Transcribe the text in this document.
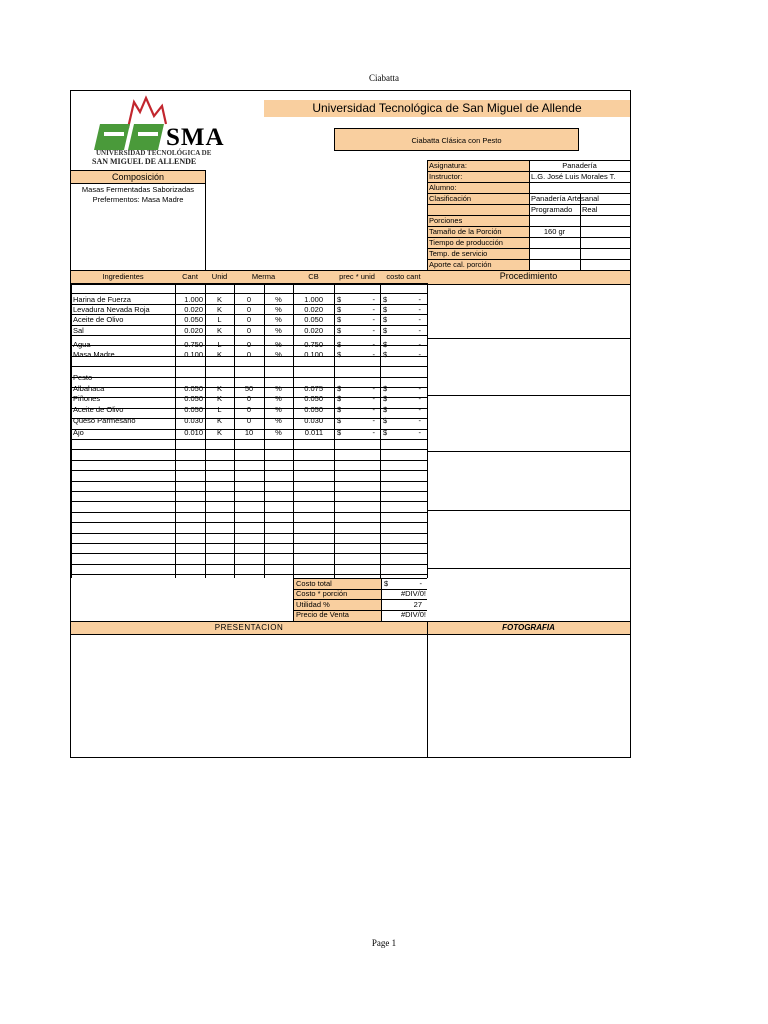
Ciabatta
SMA
UNIVERSIDAD TECNOLÓGICA DE
SAN MIGUEL DE ALLENDE
Universidad Tecnológica de San Miguel de Allende
Ciabatta Clásica con Pesto
Composición
Masas Fermentadas Saborizadas
Prefermentos: Masa Madre
Asignatura:	Panadería
Instructor:	L.G. José Luis Morales T.
Alumno:
Clasificación	Panadería Artesanal
Programado Real
Porciones
Tamaño de la Porción	160 gr
Tiempo de producción
Temp. de servicio
Aporte cal. porción
Ingredientes	Cant	Unid	Merma	CB	prec * unid	costo cant	Procedimiento
Harina de Fuerza	1.000	K	0	%	1.000 $	- $	-
Levadura Nevada Roja	0.020	K	0	%	0.020 $	- $	-
Aceite de Olivo	0.050	L	0	%	0.050 $	- $	-
Sal	0.020	K	0	%	0.020 $	- $	-
Agua	0.750	L	0	%	0.750 $	- $	-
Masa Madre	0.100	K	0	%	0.100 $	- $	-
Pesto
Albahaca	0.050	K	50	%	0.075 $	- $	-
Piñones	0.050	K	0	%	0.050 $	- $	-
Aceite de Olivo	0.050	L	0	%	0.050 $	- $	-
Queso Parmesano	0.030	K	0	%	0.030 $	- $	-
Ajo	0.010	K	10	%	0.011 $	- $	-
Costo total	$	-
Costo * porción	#DIV/0!
Utilidad %	27
Precio de Venta	#DIV/0!
PRESENTACION	FOTOGRAFIA
Page 1
